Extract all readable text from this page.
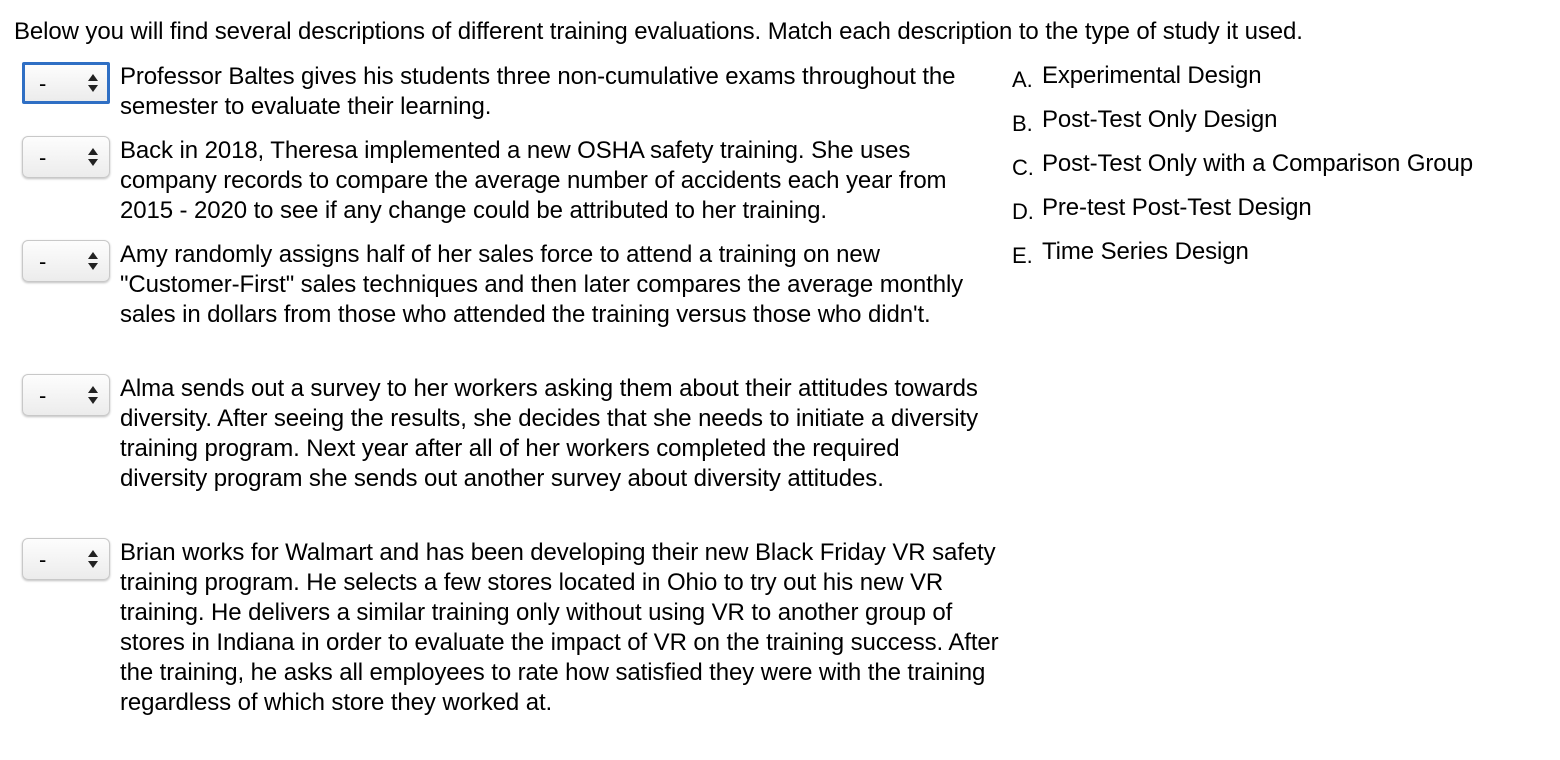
Below you will find several descriptions of different training evaluations. Match each description to the type of study it used.
-	Professor Baltes gives his students three non-cumulative exams throughout the semester to evaluate their learning.
-	Back in 2018, Theresa implemented a new OSHA safety training. She uses company records to compare the average number of accidents each year from 2015 - 2020 to see if any change could be attributed to her training.
-	Amy randomly assigns half of her sales force to attend a training on new "Customer-First" sales techniques and then later compares the average monthly sales in dollars from those who attended the training versus those who didn't.
-	Alma sends out a survey to her workers asking them about their attitudes towards diversity. After seeing the results, she decides that she needs to initiate a diversity training program. Next year after all of her workers completed the required diversity program she sends out another survey about diversity attitudes.
-	Brian works for Walmart and has been developing their new Black Friday VR safety training program. He selects a few stores located in Ohio to try out his new VR training. He delivers a similar training only without using VR to another group of stores in Indiana in order to evaluate the impact of VR on the training success. After the training, he asks all employees to rate how satisfied they were with the training regardless of which store they worked at.
A. Experimental Design
B. Post-Test Only Design
C. Post-Test Only with a Comparison Group
D. Pre-test Post-Test Design
E. Time Series Design
